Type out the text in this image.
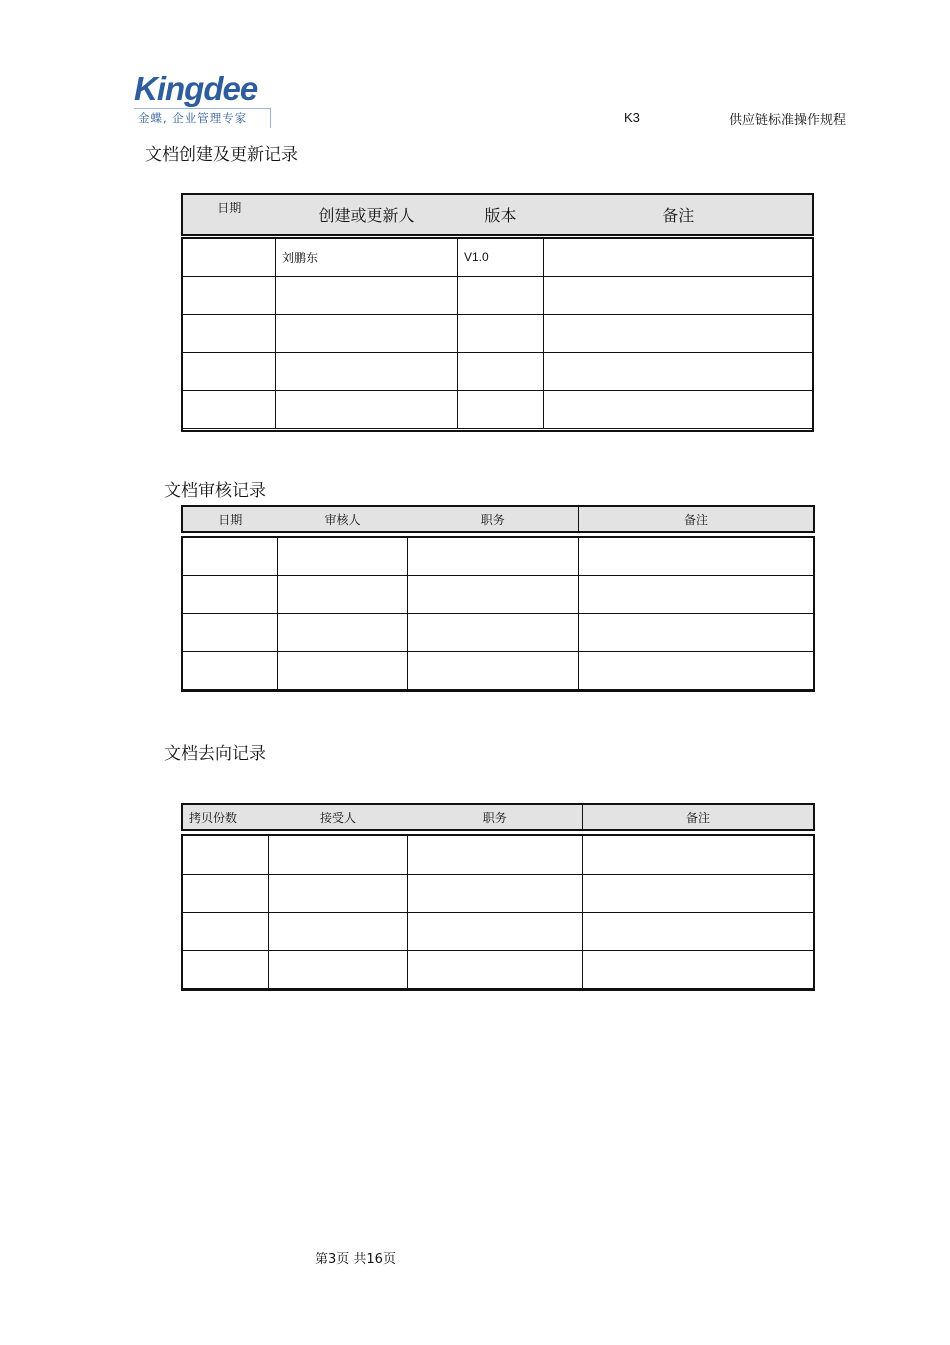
Kingdee
金蝶, 企业管理专家	K3	供应链标准操作规程
文档创建及更新记录
日期	创建或更新人	版本	备注
	刘鹏东	V1.0	

文档审核记录
日期	审核人	职务	备注

文档去向记录
拷贝份数	接受人	职务	备注

第3页 共16页
